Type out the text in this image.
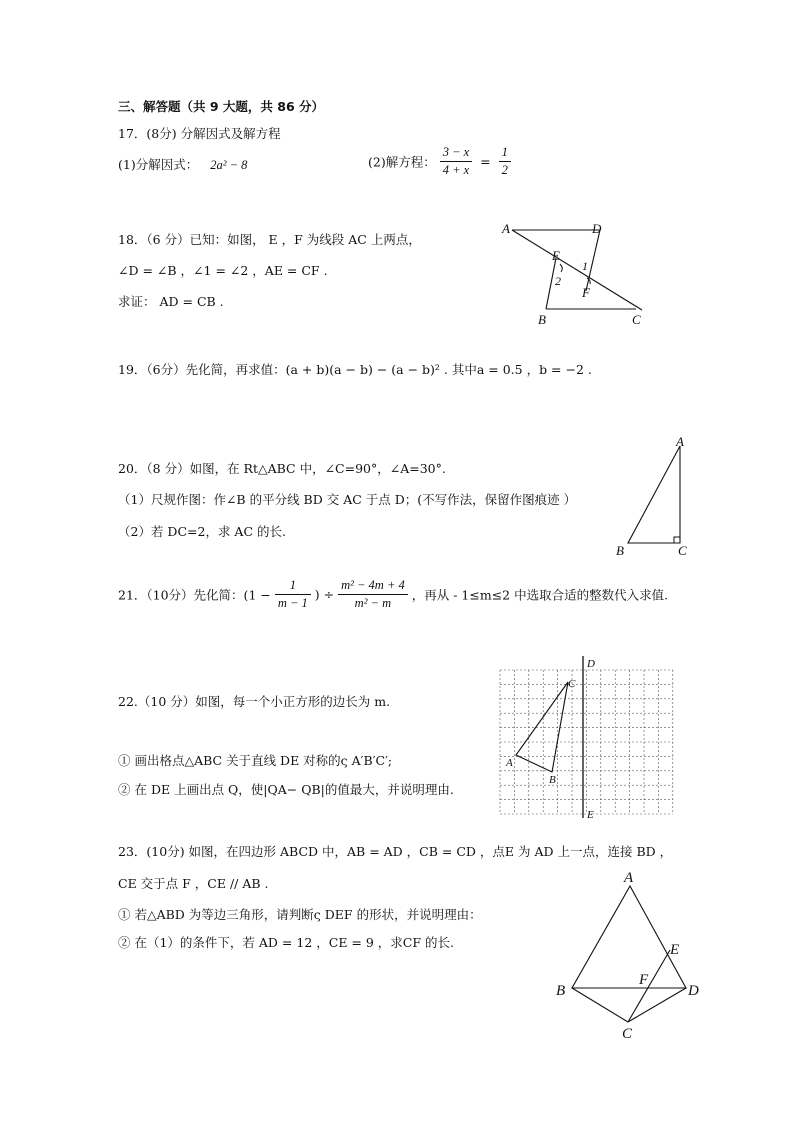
三、解答题（共 9 大题，共 86 分）
17．(8分) 分解因式及解方程
(1)分解因式： 2a² − 8	(2)解方程： $\frac{3 - x}{4 + x} = \frac{1}{2}$
18．（6 分）已知：如图， E ，F 为线段 AC 上两点，
∠D = ∠B ，∠1 = ∠2 ，AE = CF .
求证： AD = CB .
A	D
E
1
2
F
B	C
19．（6分）先化简，再求值：(a + b)(a − b) − (a − b)² . 其中a = 0.5 ，b = −2 .
20．（8 分）如图，在 Rt△ABC 中，∠C=90°，∠A=30°.
（1）尺规作图：作∠B 的平分线 BD 交 AC 于点 D；(不写作法，保留作图痕迹 ）
（2）若 DC=2，求 AC 的长.
A
B	C
21．（10分）先化简：($1 - \frac{1}{m - 1}$ ) ÷ $\frac{\text{m² − 4m + 4}}{\text{m² − m}}$ ，再从 - 1≤m≤2 中选取合适的整数代入求值.
22.（10 分）如图，每一个小正方形的边长为 m.
① 画出格点△ABC 关于直线 DE 对称的ς A′B′C′;
② 在 DE 上画出点 Q，使|QA− QB|的值最大，并说明理由.
D
E
C
A
B
23．(10分) 如图，在四边形 ABCD 中，AB = AD ，CB = CD ，点E 为 AD 上一点，连接 BD ，
CE 交于点 F ，CE // AB .
① 若△ABD 为等边三角形，请判断ς DEF 的形状，并说明理由：
② 在（1）的条件下，若 AD = 12 ，CE = 9 ，求CF 的长.
A
B	D
C
E
F
